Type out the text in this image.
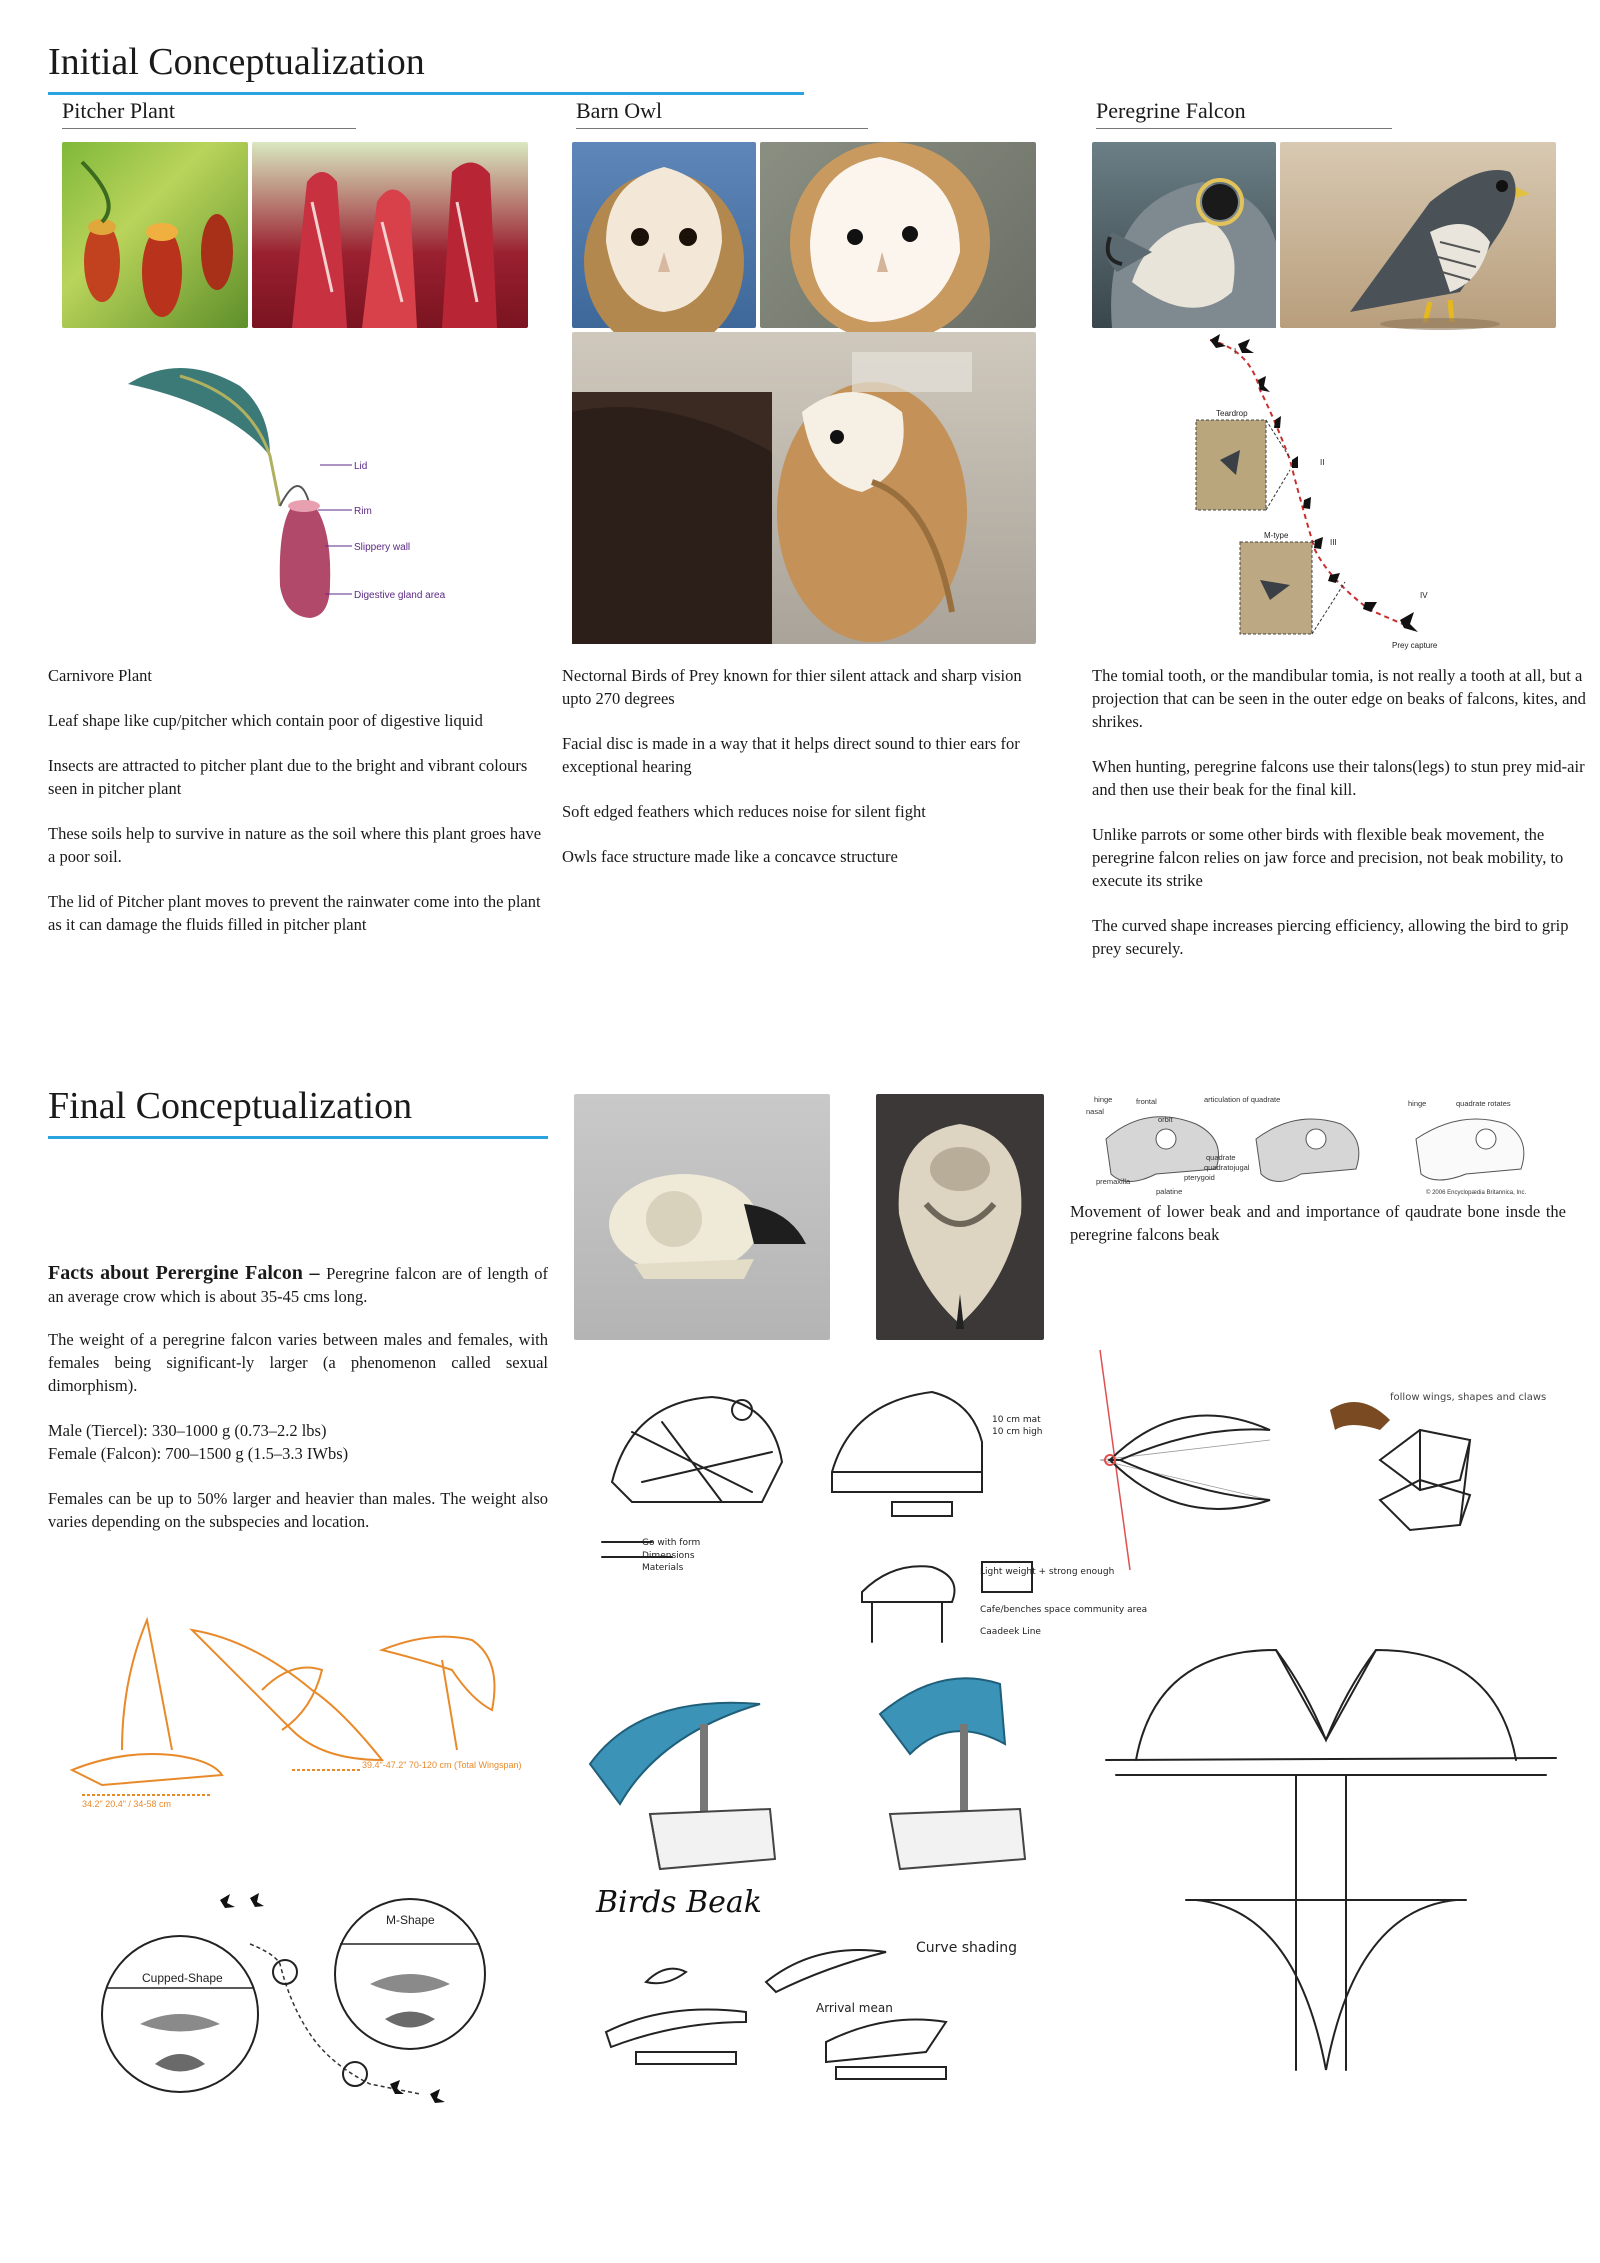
Initial Conceptualization
Pitcher Plant	Barn Owl	Peregrine Falcon
Lid
Rim
Slippery wall
Digestive gland area
Teardrop
M-type
Prey capture
I
II
III
IV

Carnivore Plant

Leaf shape like cup/pitcher which contain poor of digestive liquid

Insects are attracted to pitcher plant due to the bright and vibrant colours seen in pitcher plant

These soils help to survive in nature as the soil where this plant groes have a poor soil.

The lid of Pitcher plant moves to prevent the rainwater come into the plant as it can damage the fluids filled in pitcher plant

Nectornal Birds of Prey known for thier silent attack and sharp vision upto 270 degrees

Facial disc is made in a way that it helps direct sound to thier ears for exceptional hearing

Soft edged feathers which reduces noise for silent fight

Owls face structure made like a concavce structure

The tomial tooth, or the mandibular tomia, is not really a tooth at all, but a projection that can be seen in the outer edge on beaks of falcons, kites, and shrikes.

When hunting, peregrine falcons use their talons(legs) to stun prey mid-air and then use their beak for the final kill.

Unlike parrots or some other birds with flexible beak movement, the peregrine falcon relies on jaw force and precision, not beak mobility, to execute its strike

The curved shape increases piercing efficiency, allowing the bird to grip prey securely.

Final Conceptualization

Facts about Perergine Falcon – Peregrine falcon are of length of an average crow which is about 35-45 cms long.

The weight of a peregrine falcon varies between males and females, with females being significant-ly larger (a phenomenon called sexual dimorphism).

Male (Tiercel): 330–1000 g (0.73–2.2 lbs)
Female (Falcon): 700–1500 g (1.5–3.3 IWbs)

Females can be up to 50% larger and heavier than males. The weight also varies depending on the subspecies and location.

hinge
nasal
frontal	articulation of quadrate
orbit
premaxilla
quadrate
quadratojugal
pterygoid
palatine
hinge	quadrate rotates
© 2006 Encyclopædia Britannica, Inc.
Movement of lower beak and and importance of qaudrate bone insde the peregrine falcons beak
34.2" 20.4" / 34-58 cm
39.4"-47.2" 70-120 cm (Total Wingspan)
Cupped-Shape
M-Shape
Go with form
Dimensions
Materials	Light weight + strong enough
Cafe/benches space community area
Caadeek Line
10 cm mat
10 cm high
Birds Beak
Curve shading
Arrival mean
follow wings, shapes and claws
